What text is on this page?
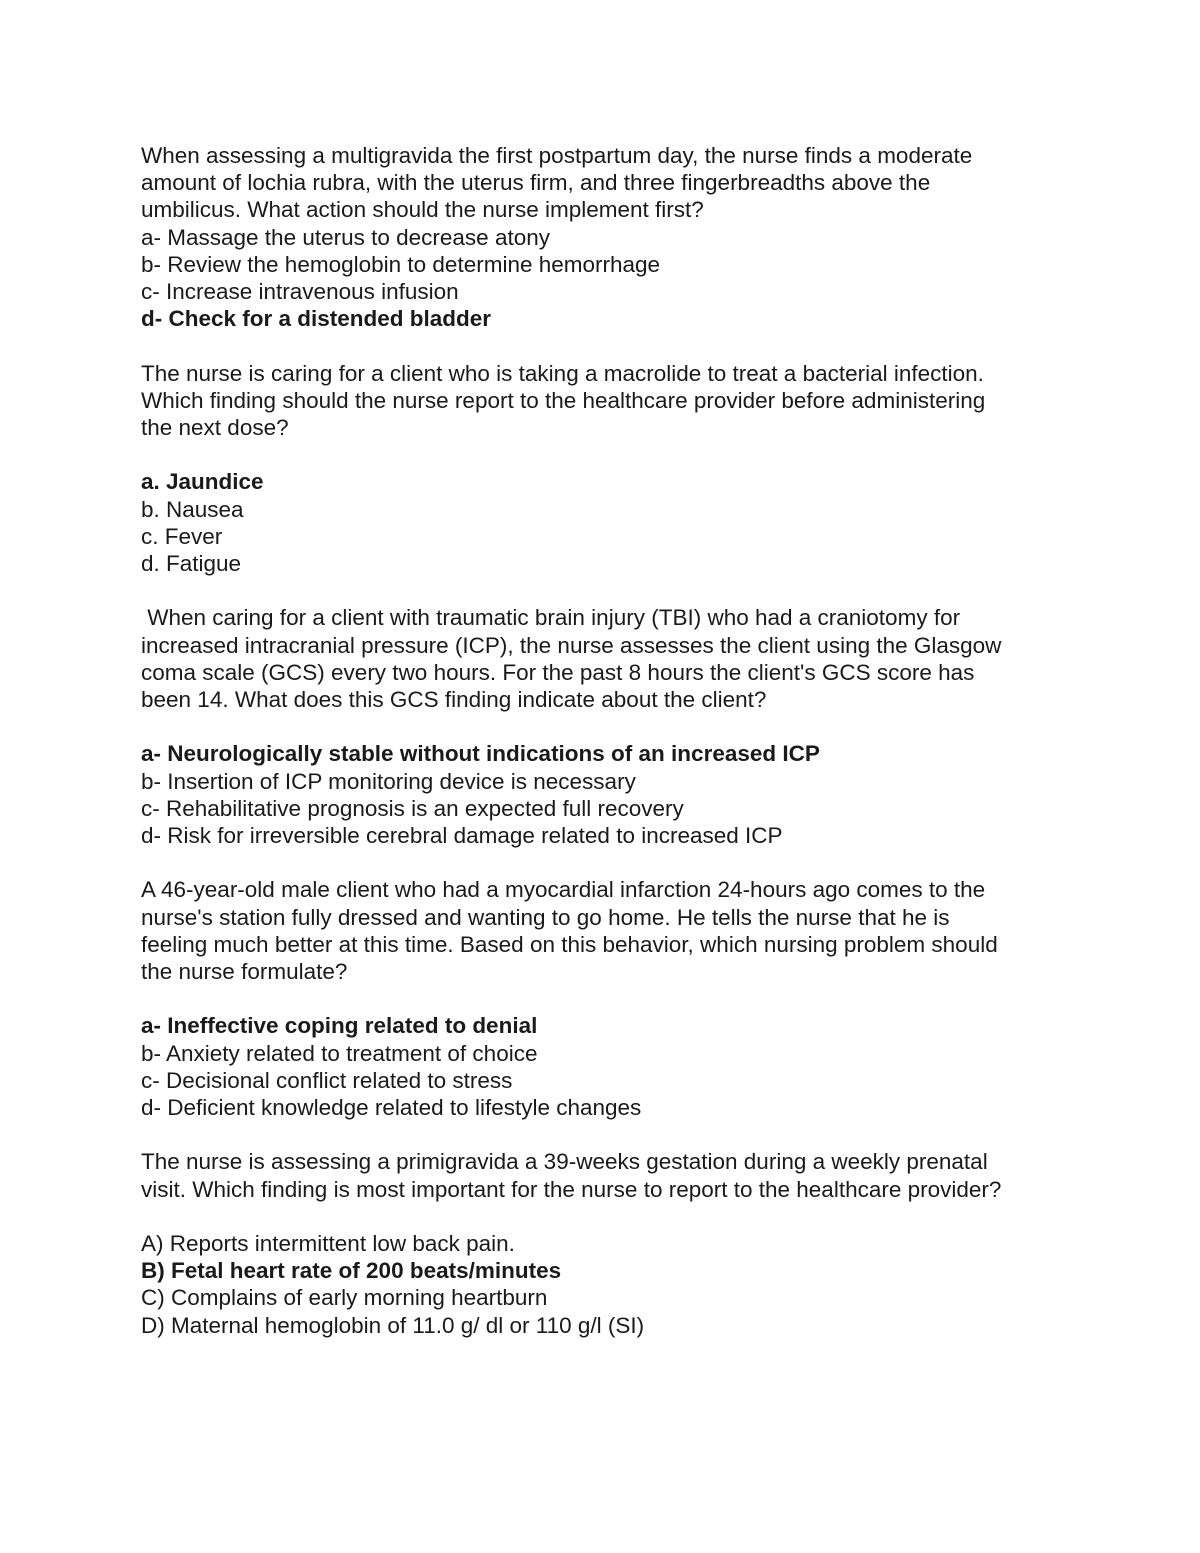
When assessing a multigravida the first postpartum day, the nurse finds a moderate
amount of lochia rubra, with the uterus firm, and three fingerbreadths above the
umbilicus. What action should the nurse implement first?
a- Massage the uterus to decrease atony
b- Review the hemoglobin to determine hemorrhage
c- Increase intravenous infusion
d- Check for a distended bladder
The nurse is caring for a client who is taking a macrolide to treat a bacterial infection.
Which finding should the nurse report to the healthcare provider before administering
the next dose?
a. Jaundice
b. Nausea
c. Fever
d. Fatigue
When caring for a client with traumatic brain injury (TBI) who had a craniotomy for
increased intracranial pressure (ICP), the nurse assesses the client using the Glasgow
coma scale (GCS) every two hours. For the past 8 hours the client's GCS score has
been 14. What does this GCS finding indicate about the client?
a- Neurologically stable without indications of an increased ICP
b- Insertion of ICP monitoring device is necessary
c- Rehabilitative prognosis is an expected full recovery
d- Risk for irreversible cerebral damage related to increased ICP
A 46-year-old male client who had a myocardial infarction 24-hours ago comes to the
nurse's station fully dressed and wanting to go home. He tells the nurse that he is
feeling much better at this time. Based on this behavior, which nursing problem should
the nurse formulate?
a- Ineffective coping related to denial
b- Anxiety related to treatment of choice
c- Decisional conflict related to stress
d- Deficient knowledge related to lifestyle changes
The nurse is assessing a primigravida a 39-weeks gestation during a weekly prenatal
visit. Which finding is most important for the nurse to report to the healthcare provider?
A) Reports intermittent low back pain.
B) Fetal heart rate of 200 beats/minutes
C) Complains of early morning heartburn
D) Maternal hemoglobin of 11.0 g/ dl or 110 g/l (SI)
